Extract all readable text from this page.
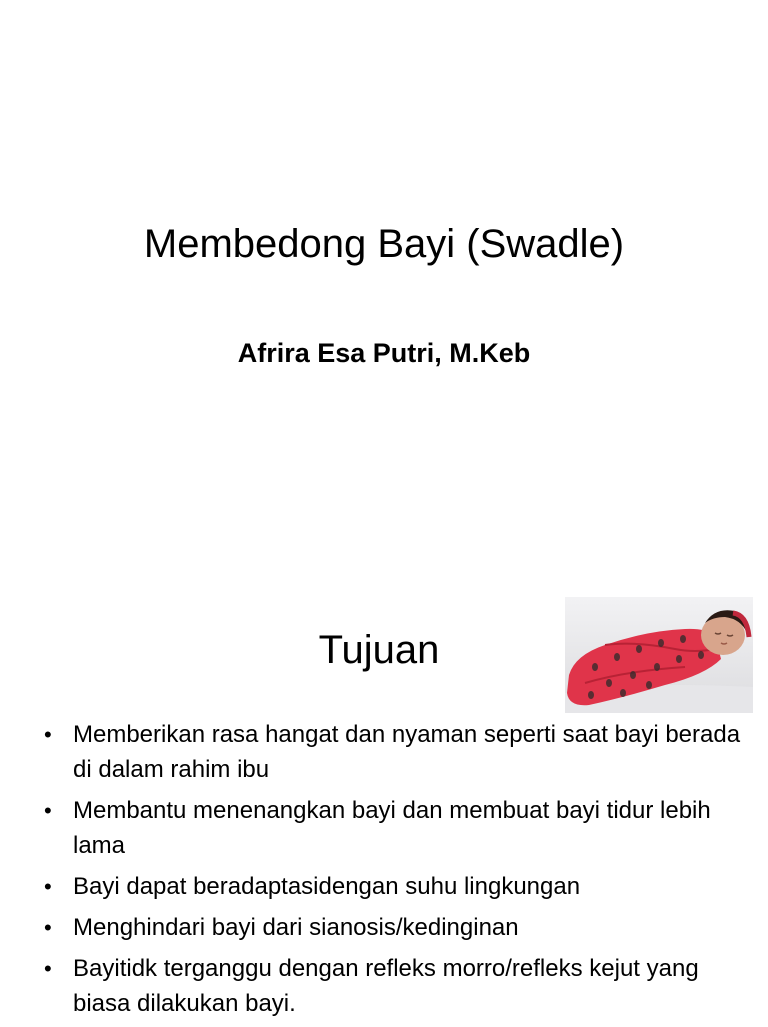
Membedong Bayi (Swadle)
Afrira Esa Putri, M.Keb
Tujuan
• Memberikan rasa hangat dan nyaman seperti saat bayi berada di dalam rahim ibu
• Membantu menenangkan bayi dan membuat bayi tidur lebih lama
• Bayi dapat beradaptasidengan suhu lingkungan
• Menghindari bayi dari sianosis/kedinginan
• Bayitidk terganggu dengan refleks morro/refleks kejut yang biasa dilakukan bayi.
